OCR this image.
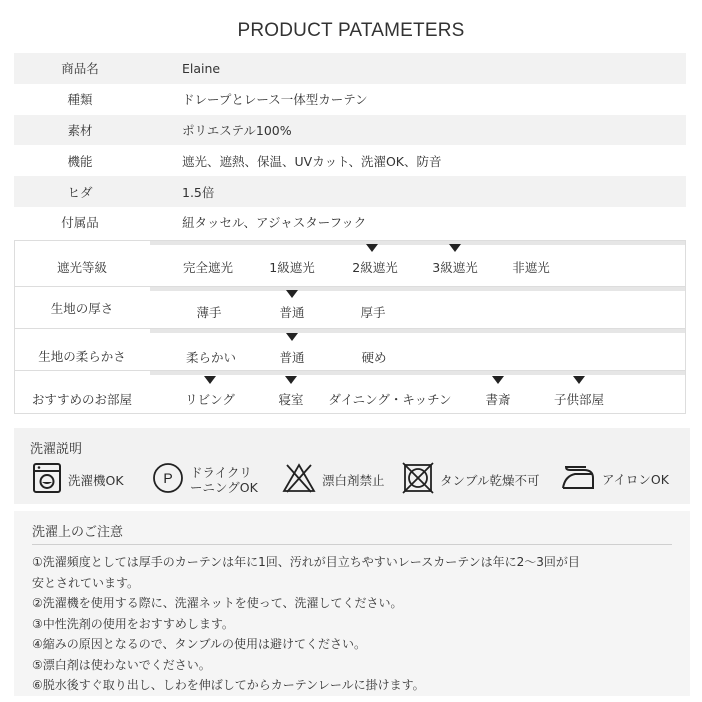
PRODUCT PATAMETERS
商品名	Elaine
種類	ドレープとレース一体型カーテン
素材	ポリエステル100%
機能	遮光、遮熱、保温、UVカット、洗濯OK、防音
ヒダ	1.5倍
付属品	紐タッセル、アジャスターフック
遮光等級	完全遮光	1級遮光	2級遮光	3級遮光	非遮光
生地の厚さ	薄手	普通	厚手
生地の柔らかさ	柔らかい	普通	硬め
おすすめのお部屋	リビング	寝室 ダイニング・キッチン	書斎	子供部屋
洗濯説明
洗濯機OK	P ドライクリ
ーニングOK	漂白剤禁止	タンブル乾燥不可	アイロンOK
洗濯上のご注意
①洗濯頻度としては厚手のカーテンは年に1回、汚れが目立ちやすいレースカーテンは年に2〜3回が目
安とされています。
②洗濯機を使用する際に、洗濯ネットを使って、洗濯してください。
③中性洗剤の使用をおすすめします。
④縮みの原因となるので、タンブルの使用は避けてください。
⑤漂白剤は使わないでください。
⑥脱水後すぐ取り出し、しわを伸ばしてからカーテンレールに掛けます。
